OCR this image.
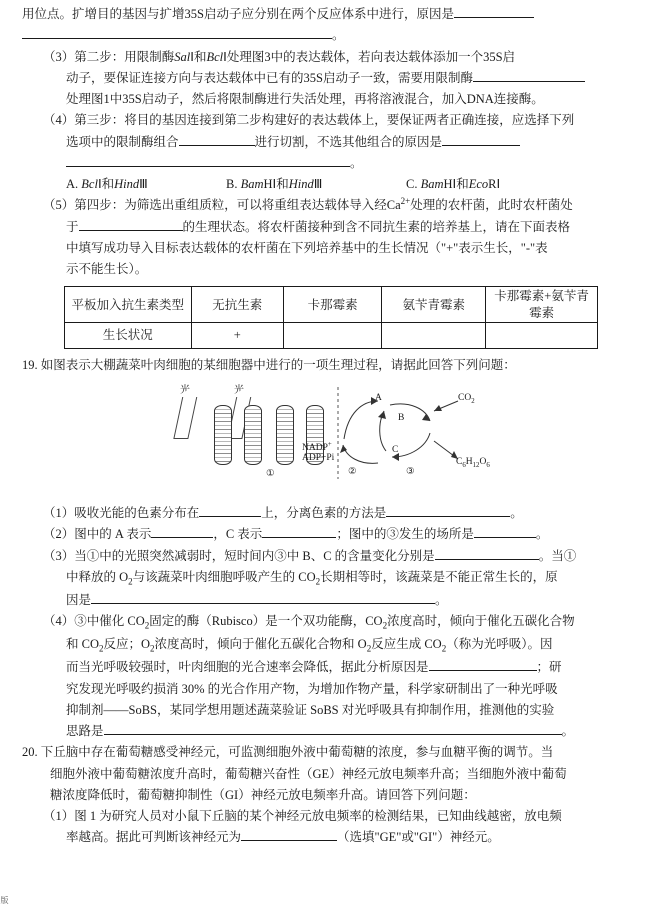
用位点。扩增目的基因与扩增35S启动子应分别在两个反应体系中进行，原因是

。

（3）第二步：用限制酶SalⅠ和BclⅠ处理图3中的表达载体，若向表达载体添加一个35S启

动子，要保证连接方向与表达载体中已有的35S启动子一致，需要用限制酶

处理图1中35S启动子，然后将限制酶进行失活处理，再将溶液混合，加入DNA连接酶。

（4）第三步：将目的基因连接到第二步构建好的表达载体上，要保证两者正确连接，应选择下列

选项中的限制酶组合	进行切割，不选其他组合的原因是

。

A. BclⅠ和HindⅢ	B. BamHⅠ和HindⅢ	C. BamHⅠ和EcoRⅠ

（5）第四步：为筛选出重组质粒，可以将重组表达载体导入经$Ca^{2+}$处理的农杆菌，此时农杆菌处

于	的生理状态。将农杆菌接种到含不同抗生素的培养基上，请在下面表格

中填写成功导入目标表达载体的农杆菌在下列培养基中的生长情况（"+"表示生长，"-"表

示不能生长）。

平板加入抗生素类型	无抗生素	卡那霉素	氨苄青霉素	卡那霉素+氨苄青霉素
生长状况	+			

19. 如图表示大棚蔬菜叶肉细胞的某细胞器中进行的一项生理过程，请据此回答下列问题：

A
B
C
$CO_2$
$C_6H_{12}O_6$
NADP+
ADP+Pi
①	②	③

（1）吸收光能的色素分布在	上，分离色素的方法是	。

（2）图中的 A 表示	，C 表示	；图中的③发生的场所是	。

（3）当①中的光照突然减弱时，短时间内③中 B、C 的含量变化分别是	。当①

中释放的 $O_2$与该蔬菜叶肉细胞呼吸产生的 $CO_2$长期相等时，该蔬菜是不能正常生长的，原

因是	。

（4）③中催化 $CO_2$固定的酶（Rubisco）是一个双功能酶，$CO_2$浓度高时，倾向于催化五碳化合物

和 $CO_2$反应；$O_2$浓度高时，倾向于催化五碳化合物和 $O_2$反应生成 $CO_2$（称为光呼吸）。因

而当光呼吸较强时，叶肉细胞的光合速率会降低，据此分析原因是	；研

究发现光呼吸约损消 30% 的光合作用产物，为增加作物产量，科学家研制出了一种光呼吸

抑制剂——SoBS，某同学想用题述蔬菜验证 SoBS 对光呼吸具有抑制作用，推测他的实验

思路是	。

20. 下丘脑中存在葡萄糖感受神经元，可监测细胞外液中葡萄糖的浓度，参与血糖平衡的调节。当

细胞外液中葡萄糖浓度升高时，葡萄糖兴奋性（GE）神经元放电频率升高；当细胞外液中葡萄

糖浓度降低时，葡萄糖抑制性（GI）神经元放电频率升高。请回答下列问题：

（1）图 1 为研究人员对小鼠下丘脑的某个神经元放电频率的检测结果，已知曲线越密，放电频

率越高。据此可判断该神经元为	（选填"GE"或"GI"）神经元。

版
